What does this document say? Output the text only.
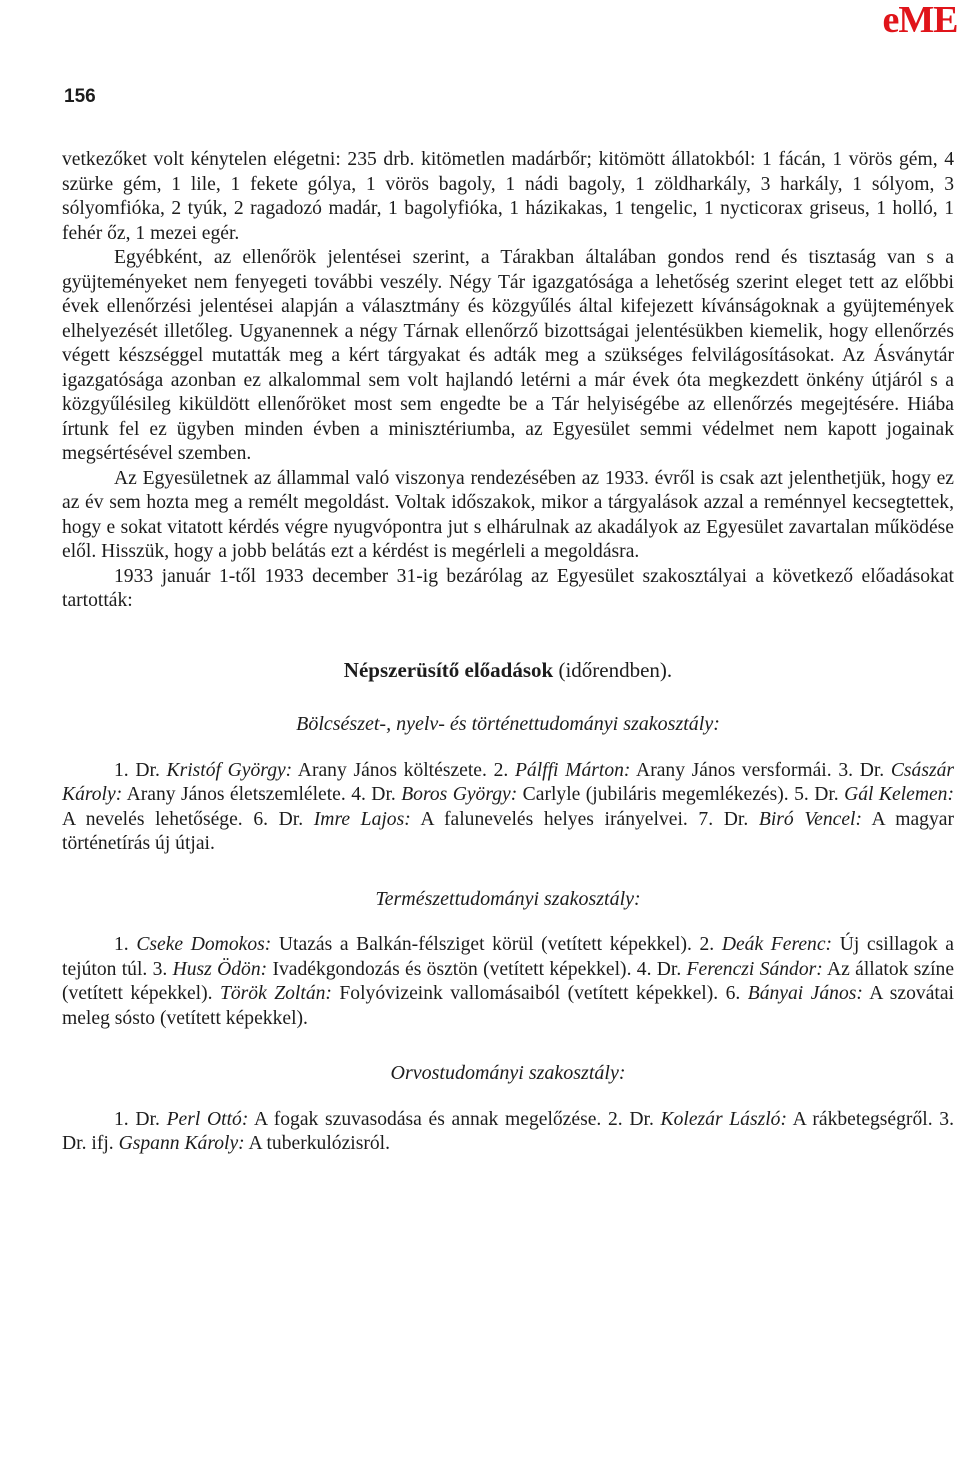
eME
156

vetkezőket volt kénytelen elégetni: 235 drb. kitömetlen madárbőr; kitömött állatokból: 1 fácán, 1 vörös gém, 4 szürke gém, 1 lile, 1 fekete gólya, 1 vörös bagoly, 1 nádi bagoly, 1 zöldharkály, 3 harkály, 1 sólyom, 3 sólyomfióka, 2 tyúk, 2 ragadozó madár, 1 bagolyfióka, 1 házikakas, 1 tengelic, 1 nycticorax griseus, 1 holló, 1 fehér őz, 1 mezei egér.

Egyébként, az ellenőrök jelentései szerint, a Tárakban általában gondos rend és tisztaság van s a gyüjteményeket nem fenyegeti további veszély. Négy Tár igazgatósága a lehetőség szerint eleget tett az előbbi évek ellenőrzési jelentései alapján a választmány és közgyűlés által kifejezett kívánságoknak a gyüjtemények elhelyezését illetőleg. Ugyanennek a négy Tárnak ellenőrző bizottságai jelentésükben kiemelik, hogy ellenőrzés végett készséggel mutatták meg a kért tárgyakat és adták meg a szükséges felvilágosításokat. Az Ásványtár igazgatósága azonban ez alkalommal sem volt hajlandó letérni a már évek óta megkezdett önkény útjáról s a közgyűlésileg kiküldött ellenőröket most sem engedte be a Tár helyiségébe az ellenőrzés megejtésére. Hiába írtunk fel ez ügyben minden évben a minisztériumba, az Egyesület semmi védelmet nem kapott jogainak megsértésével szemben.

Az Egyesületnek az állammal való viszonya rendezésében az 1933. évről is csak azt jelenthetjük, hogy ez az év sem hozta meg a remélt megoldást. Voltak időszakok, mikor a tárgyalások azzal a reménnyel kecsegtettek, hogy e sokat vitatott kérdés végre nyugvópontra jut s elhárulnak az akadályok az Egyesület zavartalan működése elől. Hisszük, hogy a jobb belátás ezt a kérdést is megérleli a megoldásra.

1933 január 1-től 1933 december 31-ig bezárólag az Egyesület szakosztályai a következő előadásokat tartották:

Népszerüsítő előadások (időrendben).

Bölcsészet-, nyelv- és történettudományi szakosztály:

1. Dr. Kristóf György: Arany János költészete. 2. Pálffi Márton: Arany János versformái. 3. Dr. Császár Károly: Arany János életszemlélete. 4. Dr. Boros György: Carlyle (jubiláris megemlékezés). 5. Dr. Gál Kelemen: A nevelés lehetősége. 6. Dr. Imre Lajos: A falunevelés helyes irányelvei. 7. Dr. Biró Vencel: A magyar történetírás új útjai.

Természettudományi szakosztály:

1. Cseke Domokos: Utazás a Balkán-félsziget körül (vetített képekkel). 2. Deák Ferenc: Új csillagok a tejúton túl. 3. Husz Ödön: Ivadékgondozás és ösztön (vetített képekkel). 4. Dr. Ferenczi Sándor: Az állatok színe (vetített képekkel). Török Zoltán: Folyóvizeink vallomásaiból (vetített képekkel). 6. Bányai János: A szovátai meleg sósto (vetített képekkel).

Orvostudományi szakosztály:

1. Dr. Perl Ottó: A fogak szuvasodása és annak megelőzése. 2. Dr. Kolezár László: A rákbetegségről. 3. Dr. ifj. Gspann Károly: A tuberkulózisról.
